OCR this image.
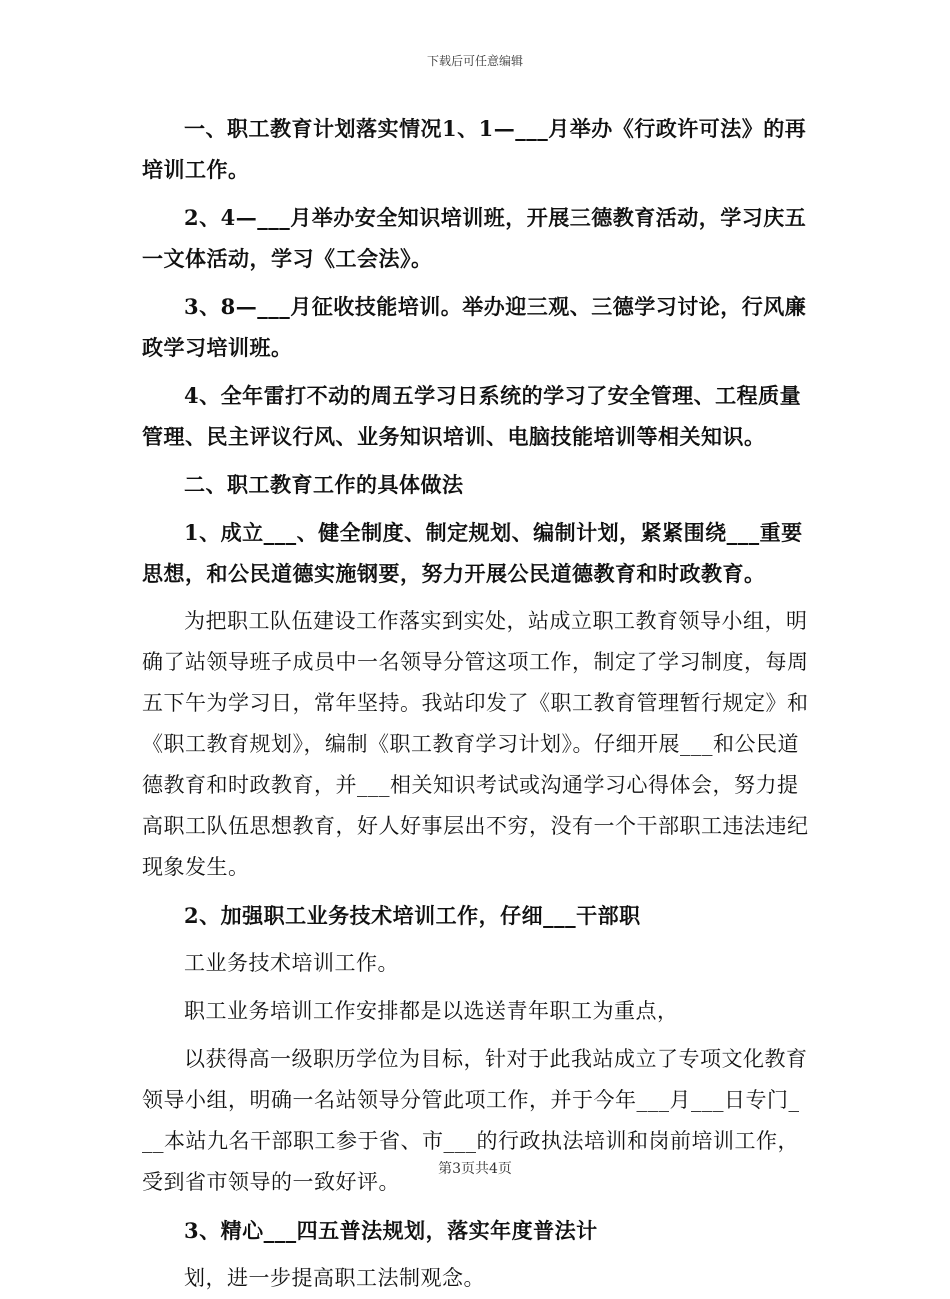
下载后可任意编辑

一、职工教育计划落实情况1、1—___月举办《行政许可法》的再培训工作。

2、4—___月举办安全知识培训班，开展三德教育活动，学习庆五一文体活动，学习《工会法》。

3、8—___月征收技能培训。举办迎三观、三德学习讨论，行风廉政学习培训班。

4、全年雷打不动的周五学习日系统的学习了安全管理、工程质量管理、民主评议行风、业务知识培训、电脑技能培训等相关知识。

二、职工教育工作的具体做法

1、成立___、健全制度、制定规划、编制计划，紧紧围绕___重要思想，和公民道德实施钢要，努力开展公民道德教育和时政教育。

为把职工队伍建设工作落实到实处，站成立职工教育领导小组，明确了站领导班子成员中一名领导分管这项工作，制定了学习制度，每周五下午为学习日，常年坚持。我站印发了《职工教育管理暂行规定》和《职工教育规划》，编制《职工教育学习计划》。仔细开展___和公民道德教育和时政教育，并___相关知识考试或沟通学习心得体会，努力提高职工队伍思想教育，好人好事层出不穷，没有一个干部职工违法违纪现象发生。

2、加强职工业务技术培训工作，仔细___干部职

工业务技术培训工作。

职工业务培训工作安排都是以选送青年职工为重点，

以获得高一级职历学位为目标，针对于此我站成立了专项文化教育领导小组，明确一名站领导分管此项工作，并于今年___月___日专门___本站九名干部职工参于省、市___的行政执法培训和岗前培训工作，受到省市领导的一致好评。

3、精心___四五普法规划，落实年度普法计

划，进一步提高职工法制观念。

第3页共4页
